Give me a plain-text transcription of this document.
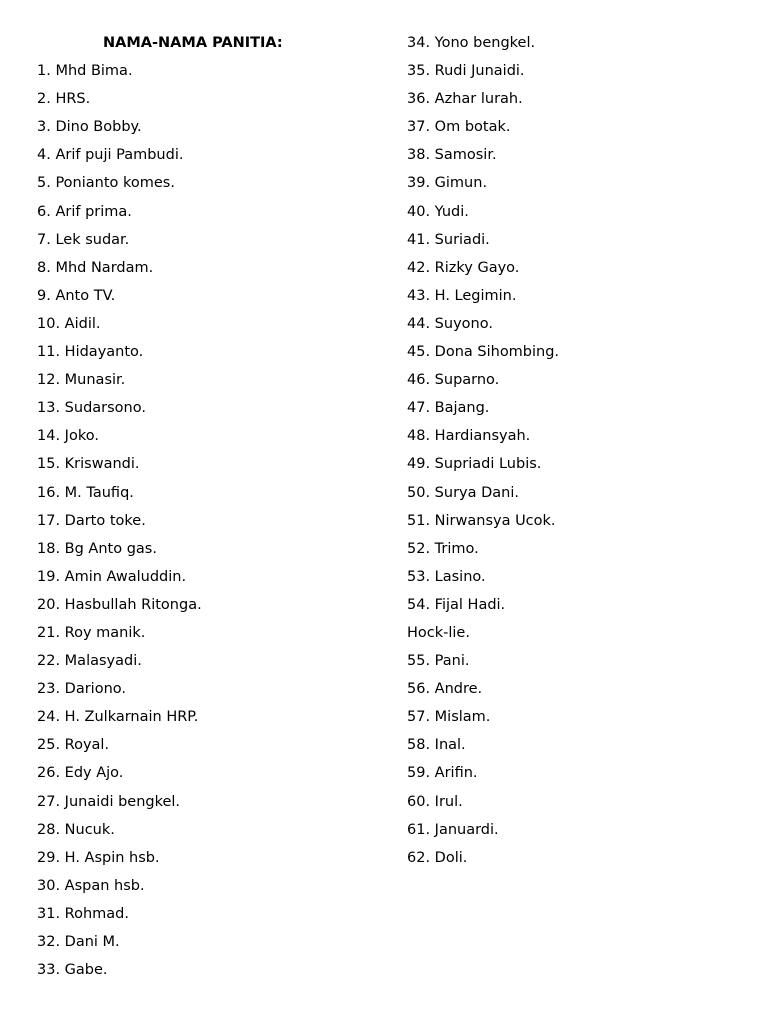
NAMA-NAMA PANITIA:
1. Mhd Bima.
2. HRS.
3. Dino Bobby.
4. Arif puji Pambudi.
5. Ponianto komes.
6. Arif prima.
7. Lek sudar.
8. Mhd Nardam.
9. Anto TV.
10. Aidil.
11. Hidayanto.
12. Munasir.
13. Sudarsono.
14. Joko.
15. Kriswandi.
16. M. Taufiq.
17. Darto toke.
18. Bg Anto gas.
19. Amin Awaluddin.
20. Hasbullah Ritonga.
21. Roy manik.
22. Malasyadi.
23. Dariono.
24. H. Zulkarnain HRP.
25. Royal.
26. Edy Ajo.
27. Junaidi bengkel.
28. Nucuk.
29. H. Aspin hsb.
30. Aspan hsb.
31. Rohmad.
32. Dani M.
33. Gabe.
34. Yono bengkel.
35. Rudi Junaidi.
36. Azhar lurah.
37. Om botak.
38. Samosir.
39. Gimun.
40. Yudi.
41. Suriadi.
42. Rizky Gayo.
43. H. Legimin.
44. Suyono.
45. Dona Sihombing.
46. Suparno.
47. Bajang.
48. Hardiansyah.
49. Supriadi Lubis.
50. Surya Dani.
51. Nirwansya Ucok.
52. Trimo.
53. Lasino.
54. Fijal Hadi.
Hock-lie.
55. Pani.
56. Andre.
57. Mislam.
58. Inal.
59. Arifin.
60. Irul.
61. Januardi.
62. Doli.
